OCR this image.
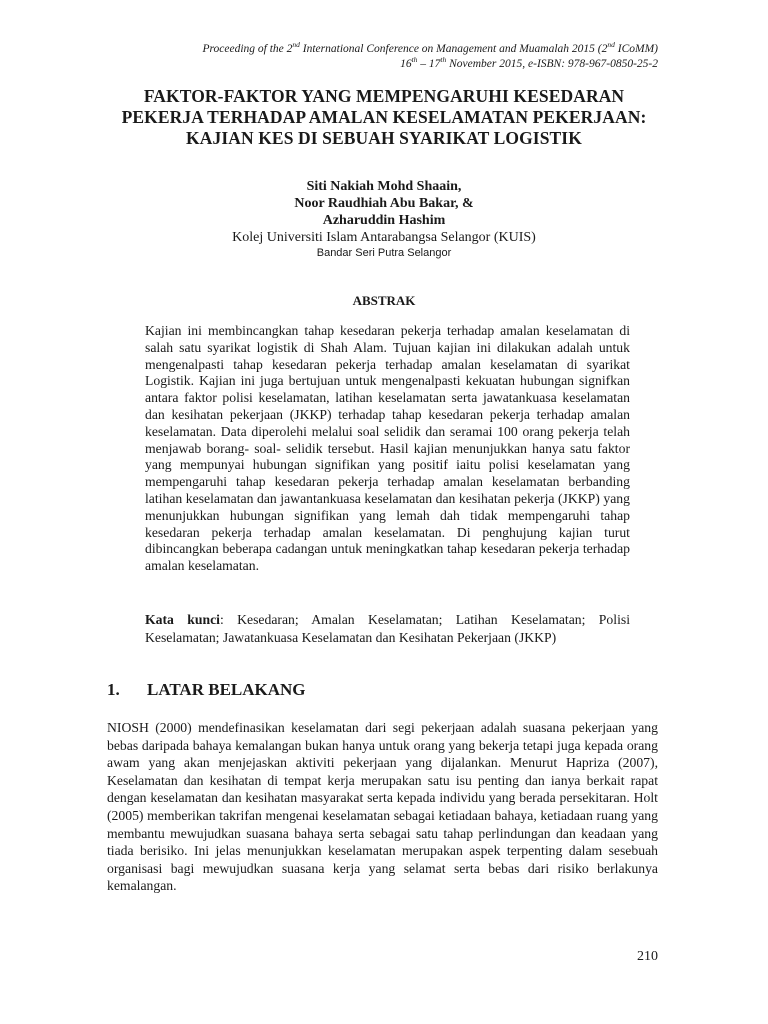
Proceeding of the 2nd International Conference on Management and Muamalah 2015 (2nd ICoMM)
16th – 17th November 2015, e-ISBN: 978-967-0850-25-2
FAKTOR-FAKTOR YANG MEMPENGARUHI KESEDARAN
PEKERJA TERHADAP AMALAN KESELAMATAN PEKERJAAN:
KAJIAN KES DI SEBUAH SYARIKAT LOGISTIK
Siti Nakiah Mohd Shaain,
Noor Raudhiah Abu Bakar, &
Azharuddin Hashim
Kolej Universiti Islam Antarabangsa Selangor (KUIS)
Bandar Seri Putra Selangor
ABSTRAK

Kajian ini membincangkan tahap kesedaran pekerja terhadap amalan keselamatan di salah satu syarikat logistik di Shah Alam. Tujuan kajian ini dilakukan adalah untuk mengenalpasti tahap kesedaran pekerja terhadap amalan keselamatan di syarikat Logistik. Kajian ini juga bertujuan untuk mengenalpasti kekuatan hubungan signifkan antara faktor polisi keselamatan, latihan keselamatan serta jawatankuasa keselamatan dan kesihatan pekerjaan (JKKP) terhadap tahap kesedaran pekerja terhadap amalan keselamatan. Data diperolehi melalui soal selidik dan seramai 100 orang pekerja telah menjawab borang- soal- selidik tersebut. Hasil kajian menunjukkan hanya satu faktor yang mempunyai hubungan signifikan yang positif iaitu polisi keselamatan yang mempengaruhi tahap kesedaran pekerja terhadap amalan keselamatan berbanding latihan keselamatan dan jawantankuasa keselamatan dan kesihatan pekerja (JKKP) yang menunjukkan hubungan signifikan yang lemah dah tidak mempengaruhi tahap kesedaran pekerja terhadap amalan keselamatan. Di penghujung kajian turut dibincangkan beberapa cadangan untuk meningkatkan tahap kesedaran pekerja terhadap amalan keselamatan.

Kata kunci: Kesedaran; Amalan Keselamatan; Latihan Keselamatan; Polisi Keselamatan; Jawatankuasa Keselamatan dan Kesihatan Pekerjaan (JKKP)

1. LATAR BELAKANG

NIOSH (2000) mendefinasikan keselamatan dari segi pekerjaan adalah suasana pekerjaan yang bebas daripada bahaya kemalangan bukan hanya untuk orang yang bekerja tetapi juga kepada orang awam yang akan menjejaskan aktiviti pekerjaan yang dijalankan. Menurut Hapriza (2007), Keselamatan dan kesihatan di tempat kerja merupakan satu isu penting dan ianya berkait rapat dengan keselamatan dan kesihatan masyarakat serta kepada individu yang berada persekitaran. Holt (2005) memberikan takrifan mengenai keselamatan sebagai ketiadaan bahaya, ketiadaan ruang yang membantu mewujudkan suasana bahaya serta sebagai satu tahap perlindungan dan keadaan yang tiada berisiko. Ini jelas menunjukkan keselamatan merupakan aspek terpenting dalam sesebuah organisasi bagi mewujudkan suasana kerja yang selamat serta bebas dari risiko berlakunya kemalangan.

210
